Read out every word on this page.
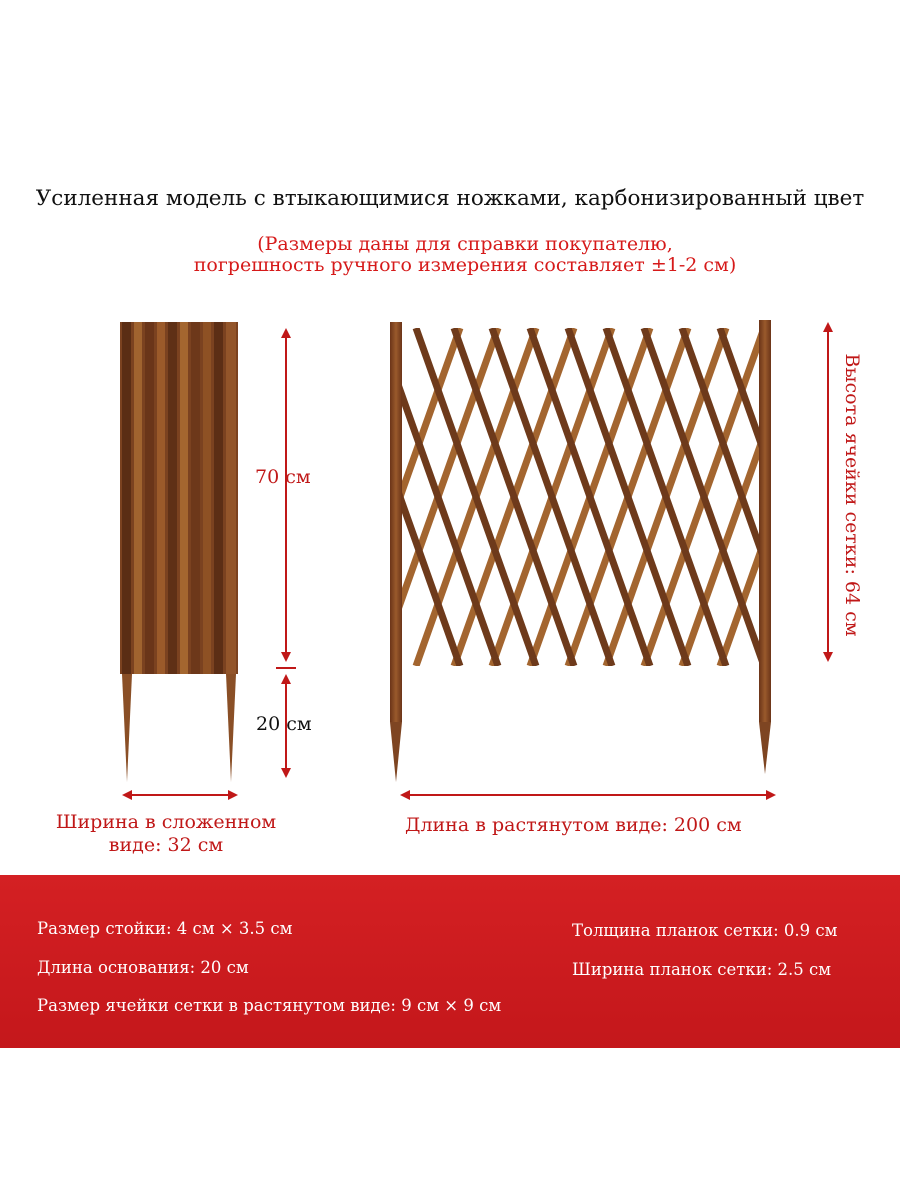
Усиленная модель с втыкающимися ножками, карбонизированный цвет
(Размеры даны для справки покупателю,
погрешность ручного измерения составляет ±1-2 см)
70 см
20 см
Ширина в сложенном
виде: 32 см
Длина в растянутом виде: 200 см
Высота ячейки сетки: 64 см
Размер стойки: 4 см × 3.5 см
Длина основания: 20 см
Размер ячейки сетки в растянутом виде: 9 см × 9 см
Толщина планок сетки: 0.9 см
Ширина планок сетки: 2.5 см
